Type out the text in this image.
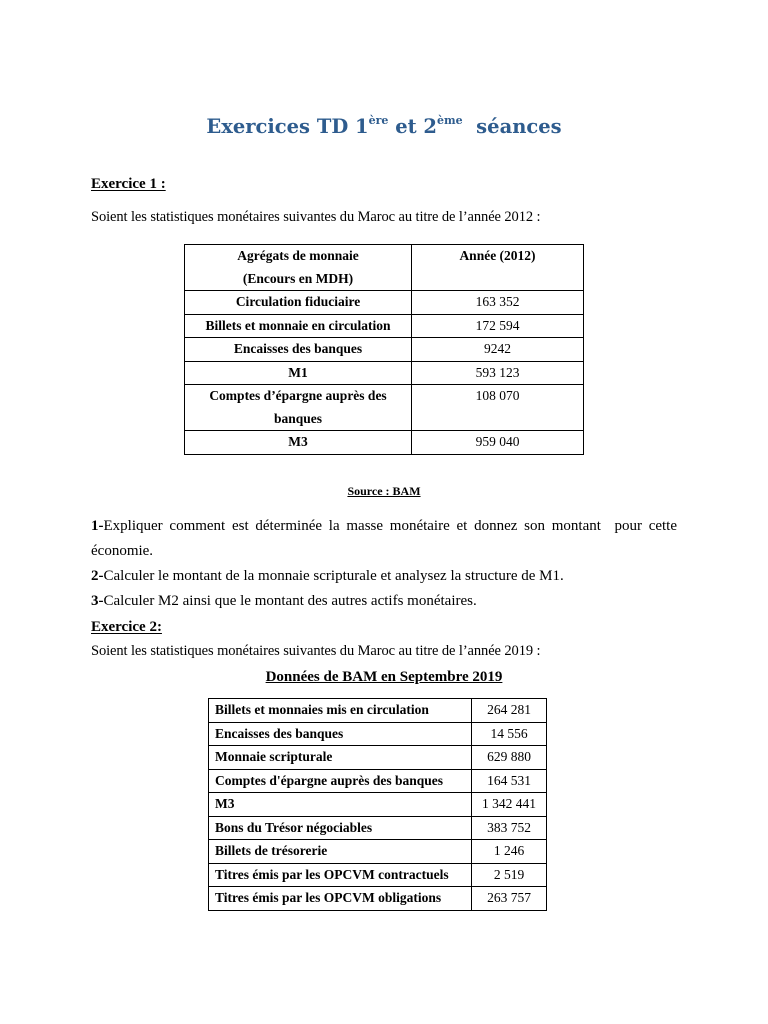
Exercices TD 1ère et 2ème  séances
Exercice 1 :
Soient les statistiques monétaires suivantes du Maroc au titre de l’année 2012 :
Agrégats de monnaie
(Encours en MDH)	Année (2012)
Circulation fiduciaire	163 352
Billets et monnaie en circulation	172 594
Encaisses des banques	9242
M1	593 123
Comptes d’épargne auprès des banques	108 070
M3	959 040
Source : BAM
1-Expliquer comment est déterminée la masse monétaire et donnez son montant  pour cette économie.
2-Calculer le montant de la monnaie scripturale et analysez la structure de M1.
3-Calculer M2 ainsi que le montant des autres actifs monétaires.
Exercice 2:
Soient les statistiques monétaires suivantes du Maroc au titre de l’année 2019 :
Données de BAM en Septembre 2019
Billets et monnaies mis en circulation	264 281
Encaisses des banques	14 556
Monnaie scripturale	629 880
Comptes d'épargne auprès des banques	164 531
M3	1 342 441
Bons du Trésor négociables	383 752
Billets de trésorerie	1 246
Titres émis par les OPCVM contractuels	2 519
Titres émis par les OPCVM obligations	263 757
